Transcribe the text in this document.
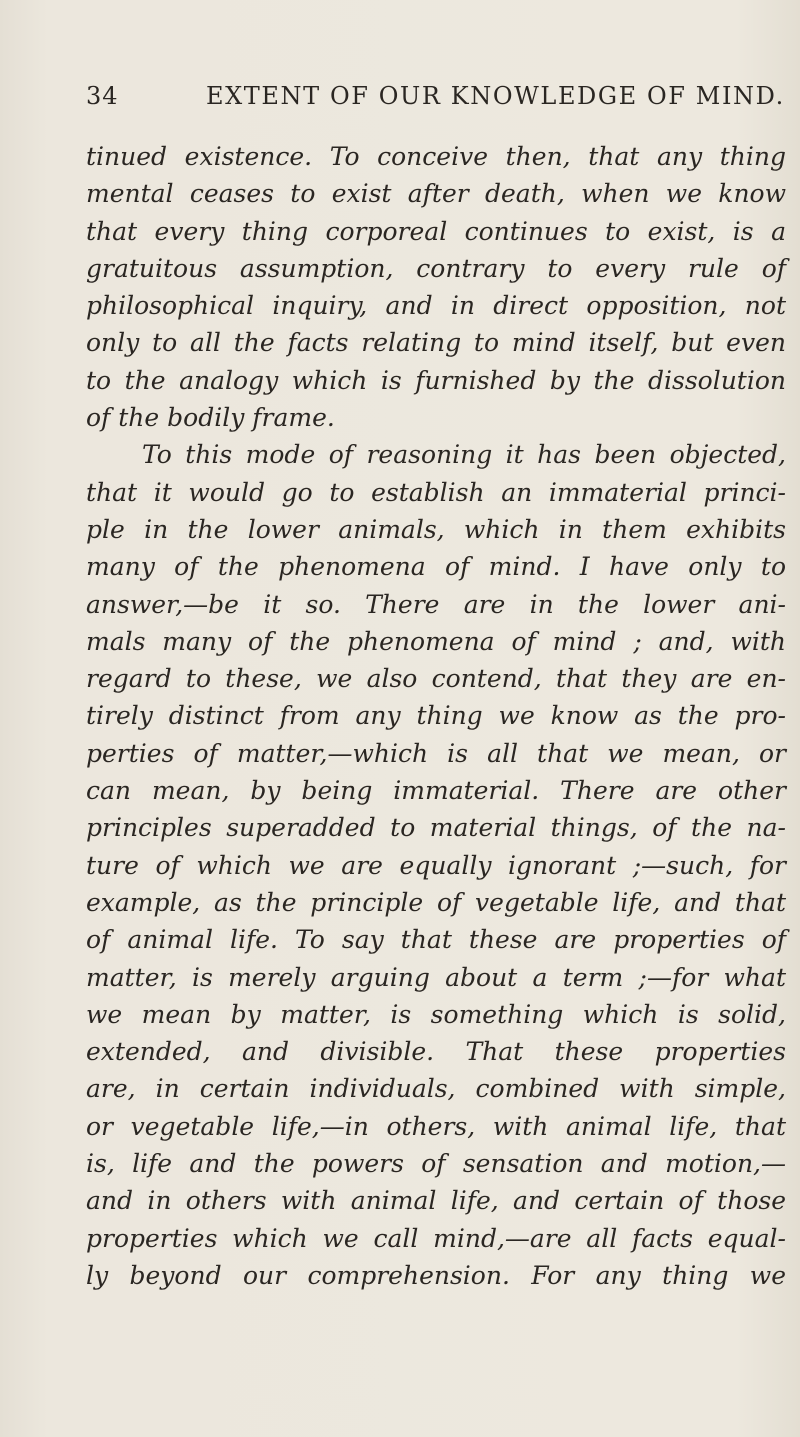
34	EXTENT OF OUR KNOWLEDGE OF MIND.
tinued existence. To conceive then, that any thing
mental ceases to exist after death, when we know
that every thing corporeal continues to exist, is a
gratuitous assumption, contrary to every rule of
philosophical inquiry, and in direct opposition, not
only to all the facts relating to mind itself, but even
to the analogy which is furnished by the dissolution
of the bodily frame.
To this mode of reasoning it has been objected,
that it would go to establish an immaterial princi-
ple in the lower animals, which in them exhibits
many of the phenomena of mind. I have only to
answer,—be it so. There are in the lower ani-
mals many of the phenomena of mind ; and, with
regard to these, we also contend, that they are en-
tirely distinct from any thing we know as the pro-
perties of matter,—which is all that we mean, or
can mean, by being immaterial. There are other
principles superadded to material things, of the na-
ture of which we are equally ignorant ;—such, for
example, as the principle of vegetable life, and that
of animal life. To say that these are properties of
matter, is merely arguing about a term ;—for what
we mean by matter, is something which is solid,
extended, and divisible. That these properties
are, in certain individuals, combined with simple,
or vegetable life,—in others, with animal life, that
is, life and the powers of sensation and motion,—
and in others with animal life, and certain of those
properties which we call mind,—are all facts equal-
ly beyond our comprehension. For any thing we
